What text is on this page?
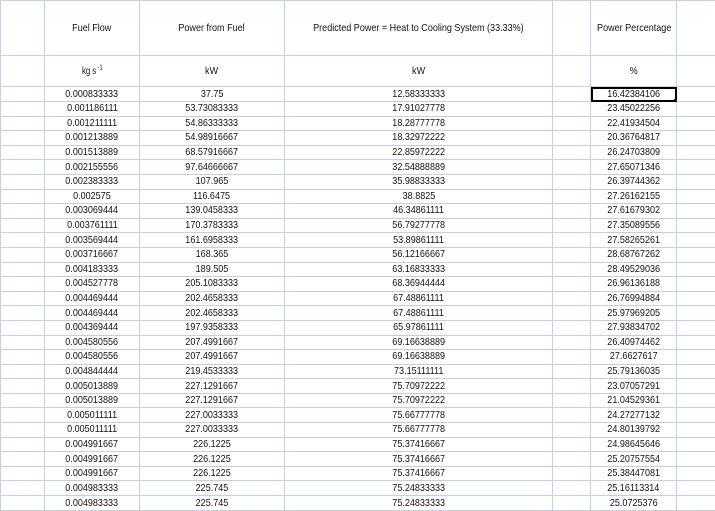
	Fuel Flow	Power from Fuel	Predicted Power = Heat to Cooling System (33.33%)		Power Percentage	
	kg $s^{-1}$	kW	kW		%	
	0.000833333	37.75	12.58333333		16.42384106	
	0.001186111	53.73083333	17.91027778		23.45022256	
	0.001211111	54.86333333	18.28777778		22.41934504	
	0.001213889	54.98916667	18.32972222		20.36764817	
	0.001513889	68.57916667	22.85972222		26.24703809	
	0.002155556	97.64666667	32.54888889		27.65071346	
	0.002383333	107.965	35.98833333		26.39744362	
	0.002575	116.6475	38.8825		27.26162155	
	0.003069444	139.0458333	46.34861111		27.61679302	
	0.003761111	170.3783333	56.79277778		27.35089556	
	0.003569444	161.6958333	53.89861111		27.58265261	
	0.003716667	168.365	56.12166667		28.68767262	
	0.004183333	189.505	63.16833333		28.49529036	
	0.004527778	205.1083333	68.36944444		26.96136188	
	0.004469444	202.4658333	67.48861111		26.76994884	
	0.004469444	202.4658333	67.48861111		25.97969205	
	0.004369444	197.9358333	65.97861111		27.93834702	
	0.004580556	207.4991667	69.16638889		26.40974462	
	0.004580556	207.4991667	69.16638889		27.6627617	
	0.004844444	219.4533333	73.15111111		25.79136035	
	0.005013889	227.1291667	75.70972222		23.07057291	
	0.005013889	227.1291667	75.70972222		21.04529361	
	0.005011111	227.0033333	75.66777778		24.27277132	
	0.005011111	227.0033333	75.66777778		24.80139792	
	0.004991667	226.1225	75.37416667		24.98645646	
	0.004991667	226.1225	75.37416667		25.20757554	
	0.004991667	226.1225	75.37416667		25.38447081	
	0.004983333	225.745	75.24833333		25.16113314	
	0.004983333	225.745	75.24833333		25.0725376	
